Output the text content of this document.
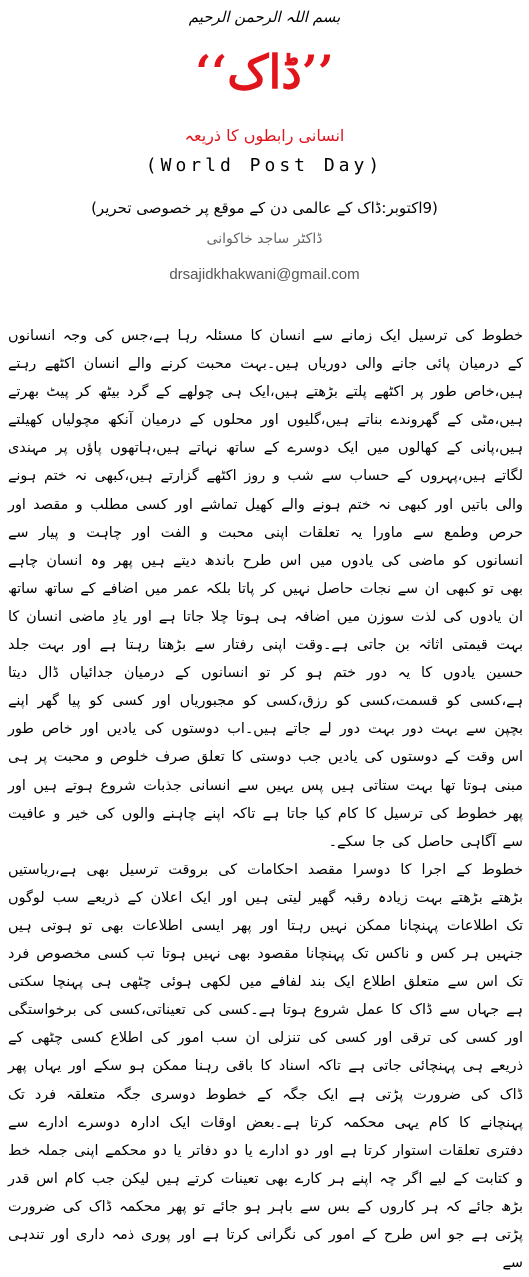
بسم اللہ الرحمن الرحیم
’’ڈاک‘‘
انسانی رابطوں کا ذریعہ
(World Post Day)
(9اکتوبر:ڈاک کے عالمی دن کے موقع پر خصوصی تحریر)
ڈاکٹر ساجد خاکوانی
drsajidkhakwani@gmail.com

خطوط کی ترسیل ایک زمانے سے انسان کا مسئلہ رہا ہے،جس کی وجہ انسانوں کے درمیان پائی جانے والی دوریاں ہیں۔بہت محبت کرنے والے انسان اکٹھے رہتے ہیں،خاص طور پر اکٹھے پلتے بڑھتے ہیں،ایک ہی چولھے کے گرد بیٹھ کر پیٹ بھرتے ہیں،مٹی کے گھروندے بناتے ہیں،گلیوں اور محلوں کے درمیان آنکھ مچولیاں کھیلتے ہیں،پانی کے کھالوں میں ایک دوسرے کے ساتھ نہاتے ہیں،ہاتھوں پاؤں پر مہندی لگاتے ہیں،پہروں کے حساب سے شب و روز اکٹھے گزارتے ہیں،کبھی نہ ختم ہونے والی باتیں اور کبھی نہ ختم ہونے والے کھیل تماشے اور کسی مطلب و مقصد اور حرص وطمع سے ماورا یہ تعلقات اپنی محبت و الفت اور چاہت و پیار سے انسانوں کو ماضی کی یادوں میں اس طرح باندھ دیتے ہیں پھر وہ انسان چاہے بھی تو کبھی ان سے نجات حاصل نہیں کر پاتا بلکہ عمر میں اضافے کے ساتھ ساتھ ان یادوں کی لذت سوزن میں اضافہ ہی ہوتا چلا جاتا ہے اور یادِ ماضی انسان کا بہت قیمتی اثاثہ بن جاتی ہے۔وقت اپنی رفتار سے بڑھتا رہتا ہے اور بہت جلد حسین یادوں کا یہ دور ختم ہو کر تو انسانوں کے درمیان جدائیاں ڈال دیتا ہے،کسی کو قسمت،کسی کو رزق،کسی کو مجبوریاں اور کسی کو پیا گھر اپنے بچپن سے بہت دور بہت دور لے جاتے ہیں۔اب دوستوں کی یادیں اور خاص طور اس وقت کے دوستوں کی یادیں جب دوستی کا تعلق صرف خلوص و محبت پر ہی مبنی ہوتا تھا بہت ستاتی ہیں پس یہیں سے انسانی جذبات شروع ہوتے ہیں اور پھر خطوط کی ترسیل کا کام کیا جاتا ہے تاکہ اپنے چاہنے والوں کی خیر و عافیت سے آگاہی حاصل کی جا سکے۔

خطوط کے اجرا کا دوسرا مقصد احکامات کی بروقت ترسیل بھی ہے،ریاستیں بڑھتے بڑھتے بہت زیادہ رقبہ گھیر لیتی ہیں اور ایک اعلان کے ذریعے سب لوگوں تک اطلاعات پہنچانا ممکن نہیں رہتا اور پھر ایسی اطلاعات بھی تو ہوتی ہیں جنہیں ہر کس و ناکس تک پہنچانا مقصود بھی نہیں ہوتا تب کسی مخصوص فرد تک اس سے متعلق اطلاع ایک بند لفافے میں لکھی ہوئی چٹھی ہی پہنچا سکتی ہے جہاں سے ڈاک کا عمل شروع ہوتا ہے۔کسی کی تعیناتی،کسی کی برخواستگی اور کسی کی ترقی اور کسی کی تنزلی ان سب امور کی اطلاع کسی چٹھی کے ذریعے ہی پہنچائی جاتی ہے تاکہ اسناد کا باقی رہنا ممکن ہو سکے اور یہاں پھر ڈاک کی ضرورت پڑتی ہے ایک جگہ کے خطوط دوسری جگہ متعلقہ فرد تک پہنچانے کا کام یہی محکمہ کرتا ہے۔بعض اوقات ایک ادارہ دوسرے ادارے سے دفتری تعلقات استوار کرتا ہے اور دو ادارے یا دو دفاتر یا دو محکمے اپنی جملہ خط و کتابت کے لیے اگر چہ اپنے ہر کارے بھی تعینات کرتے ہیں لیکن جب کام اس قدر بڑھ جائے کہ ہر کاروں کے بس سے باہر ہو جائے تو پھر محکمہ ڈاک کی ضرورت پڑتی ہے جو اس طرح کے امور کی نگرانی کرتا ہے اور پوری ذمہ داری اور تندہی سے
